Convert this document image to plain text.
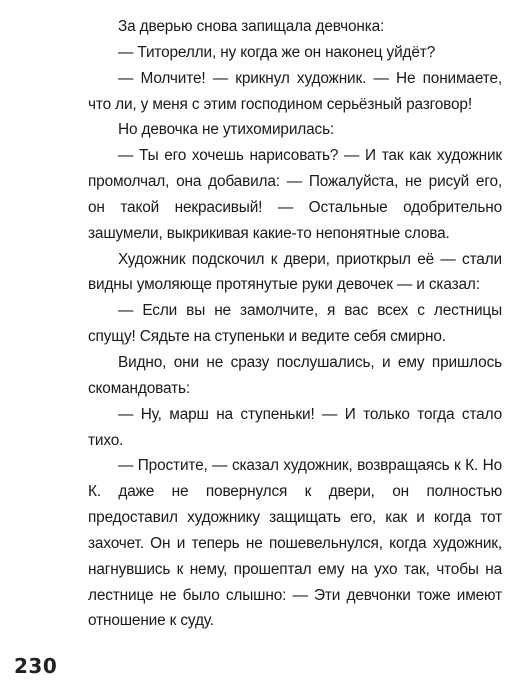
За дверью снова запищала девчонка:

— Титорелли, ну когда же он наконец уйдёт?

— Молчите! — крикнул художник. — Не понимаете, что ли, у меня с этим господином серьёзный разговор!

Но девочка не утихомирилась:

— Ты его хочешь нарисовать? — И так как художник промолчал, она добавила: — Пожалуйста, не рисуй его, он такой некрасивый! — Остальные одобрительно зашумели, выкрикивая какие-то непонятные слова.

Художник подскочил к двери, приоткрыл её — стали видны умоляюще протянутые руки девочек — и сказал:

— Если вы не замолчите, я вас всех с лестницы спущу! Сядьте на ступеньки и ведите себя смирно.

Видно, они не сразу послушались, и ему пришлось скомандовать:

— Ну, марш на ступеньки! — И только тогда стало тихо.

— Простите, — сказал художник, возвращаясь к К. Но К. даже не повернулся к двери, он полностью предоставил художнику защищать его, как и когда тот захочет. Он и теперь не пошевельнулся, когда художник, нагнувшись к нему, прошептал ему на ухо так, чтобы на лестнице не было слышно: — Эти девчонки тоже имеют отношение к суду.

230
